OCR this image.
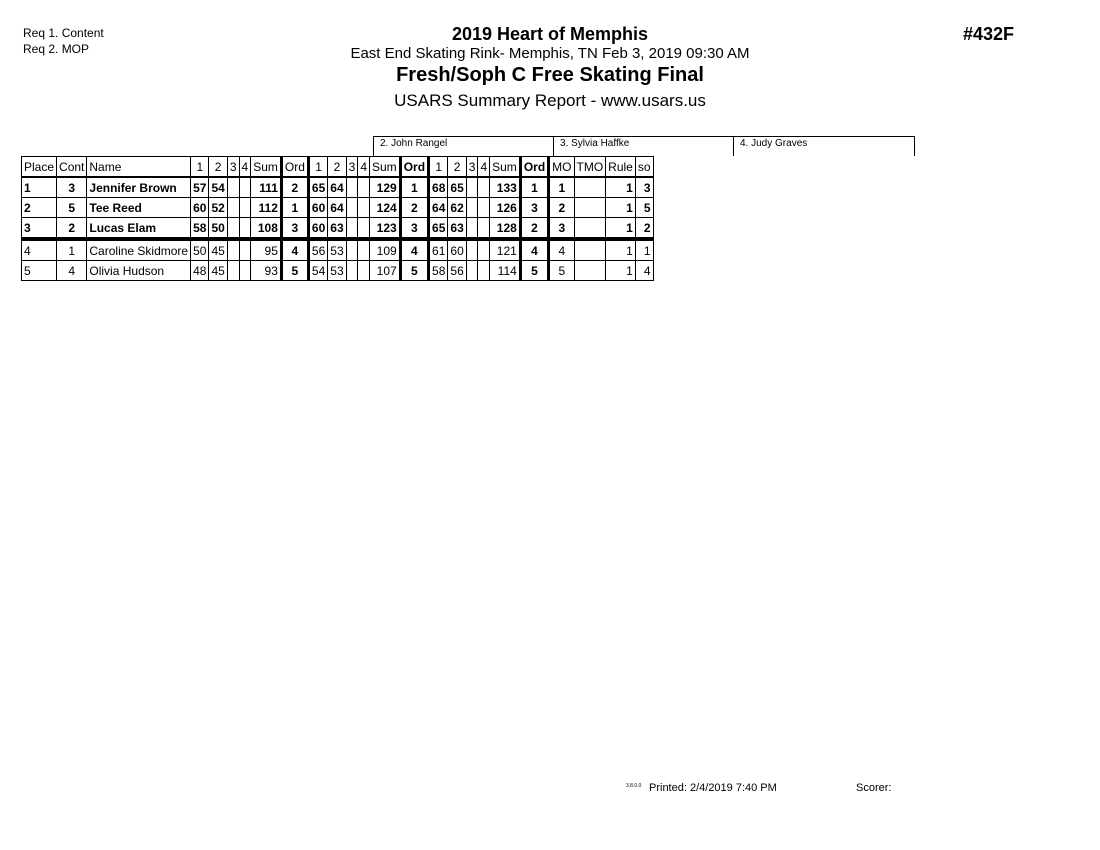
Req 1. Content
Req 2. MOP
2019 Heart of Memphis
East End Skating Rink- Memphis, TN Feb 3, 2019 09:30 AM
Fresh/Soph C Free Skating Final
USARS Summary Report - www.usars.us
#432F
2. John Rangel	3. Sylvia Haffke	4. Judy Graves
Place	Cont	Name	1	2	3	4	Sum	Ord	1	2	3	4	Sum	Ord	1	2	3	4	Sum	Ord	MO	TMO	Rule	so
1	3	Jennifer Brown	57	54			111	2	65	64			129	1	68	65			133	1	1		1	3
2	5	Tee Reed	60	52			112	1	60	64			124	2	64	62			126	3	2		1	5
3	2	Lucas Elam	58	50			108	3	60	63			123	3	65	63			128	2	3		1	2
4	1	Caroline Skidmore	50	45			95	4	56	53			109	4	61	60			121	4	4		1	1
5	4	Olivia Hudson	48	45			93	5	54	53			107	5	58	56			114	5	5		1	4
3.8.0.0 Printed: 2/4/2019 7:40 PM	Scorer:
